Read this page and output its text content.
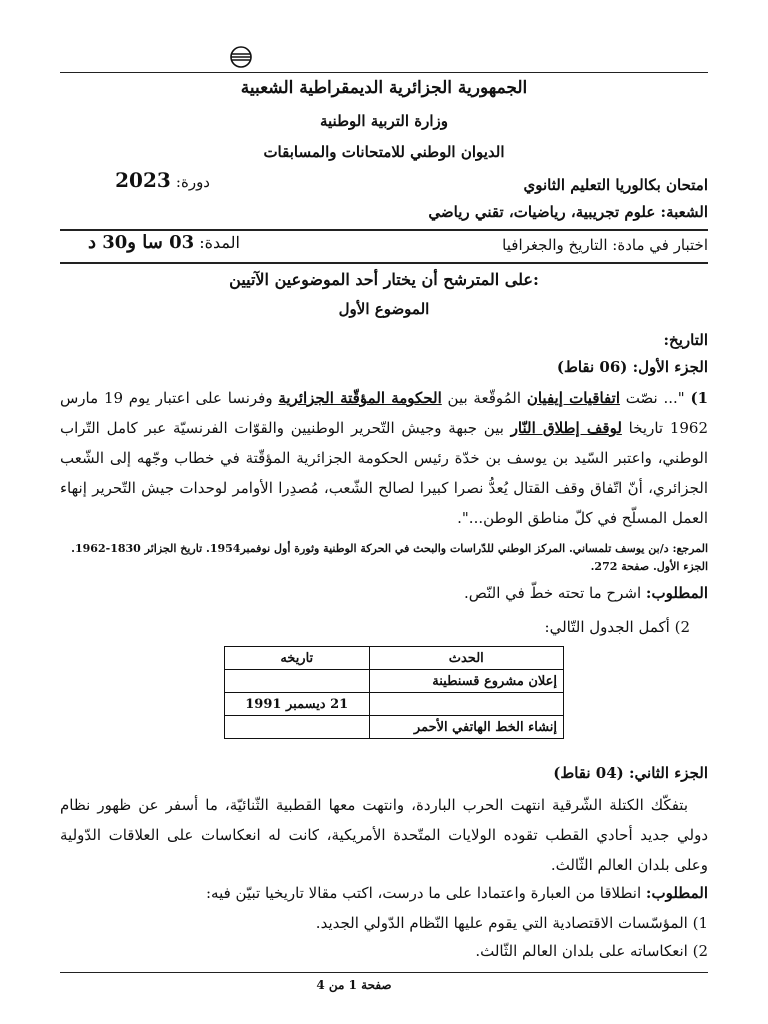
الجمهورية الجزائرية الديمقراطية الشعبية
وزارة التربية الوطنية
الديوان الوطني للامتحانات والمسابقات
امتحان بكالوريا التعليم الثانوي
دورة: 2023
الشعبة: علوم تجريبية، رياضيات، تقني رياضي
اختبار في مادة: التاريخ والجغرافيا
المدة: 03 سا و30 د
على المترشح أن يختار أحد الموضوعين الآتيين:
الموضوع الأول
التاريخ:
الجزء الأول: (06 نقاط)
1) "... نصّت اتفاقيات إيفيان المُوقّعة بين الحكومة المؤقّتة الجزائرية وفرنسا على اعتبار يوم 19 مارس 1962 تاريخا لوقف إطلاق النّار بين جبهة وجيش التّحرير الوطنيين والقوّات الفرنسيّة عبر كامل التّراب الوطني، واعتبر السّيد بن يوسف بن خدّة رئيس الحكومة الجزائرية المؤقّتة في خطاب وجّهه إلى الشّعب الجزائري، أنّ اتّفاق وقف القتال يُعدُّ نصرا كبيرا لصالح الشّعب، مُصدِرا الأوامر لوحدات جيش التّحرير إنهاء العمل المسلّح في كلّ مناطق الوطن...".
المرجع: د/بن يوسف تلمساني. المركز الوطني للدّراسات والبحث في الحركة الوطنية وثورة أول نوفمبر1954. تاريخ الجزائر 1830-1962. الجزء الأول. صفحة 272.
المطلوب: اشرح ما تحته خطّ في النّص.
2) أكمل الجدول التّالي:
الحدث	تاريخه
إعلان مشروع قسنطينة	
	21 ديسمبر 1991
إنشاء الخط الهاتفي الأحمر	
الجزء الثاني: (04 نقاط)
بتفكّك الكتلة الشّرقية انتهت الحرب الباردة، وانتهت معها القطبية الثّنائيّة، ما أسفر عن ظهور نظام دولي جديد أحادي القطب تقوده الولايات المتّحدة الأمريكية، كانت له انعكاسات على العلاقات الدّولية وعلى بلدان العالم الثّالث.
المطلوب: انطلاقا من العبارة واعتمادا على ما درست، اكتب مقالا تاريخيا تبيّن فيه:
1) المؤسّسات الاقتصادية التي يقوم عليها النّظام الدّولي الجديد.
2) انعكاساته على بلدان العالم الثّالث.
صفحة 1 من 4
